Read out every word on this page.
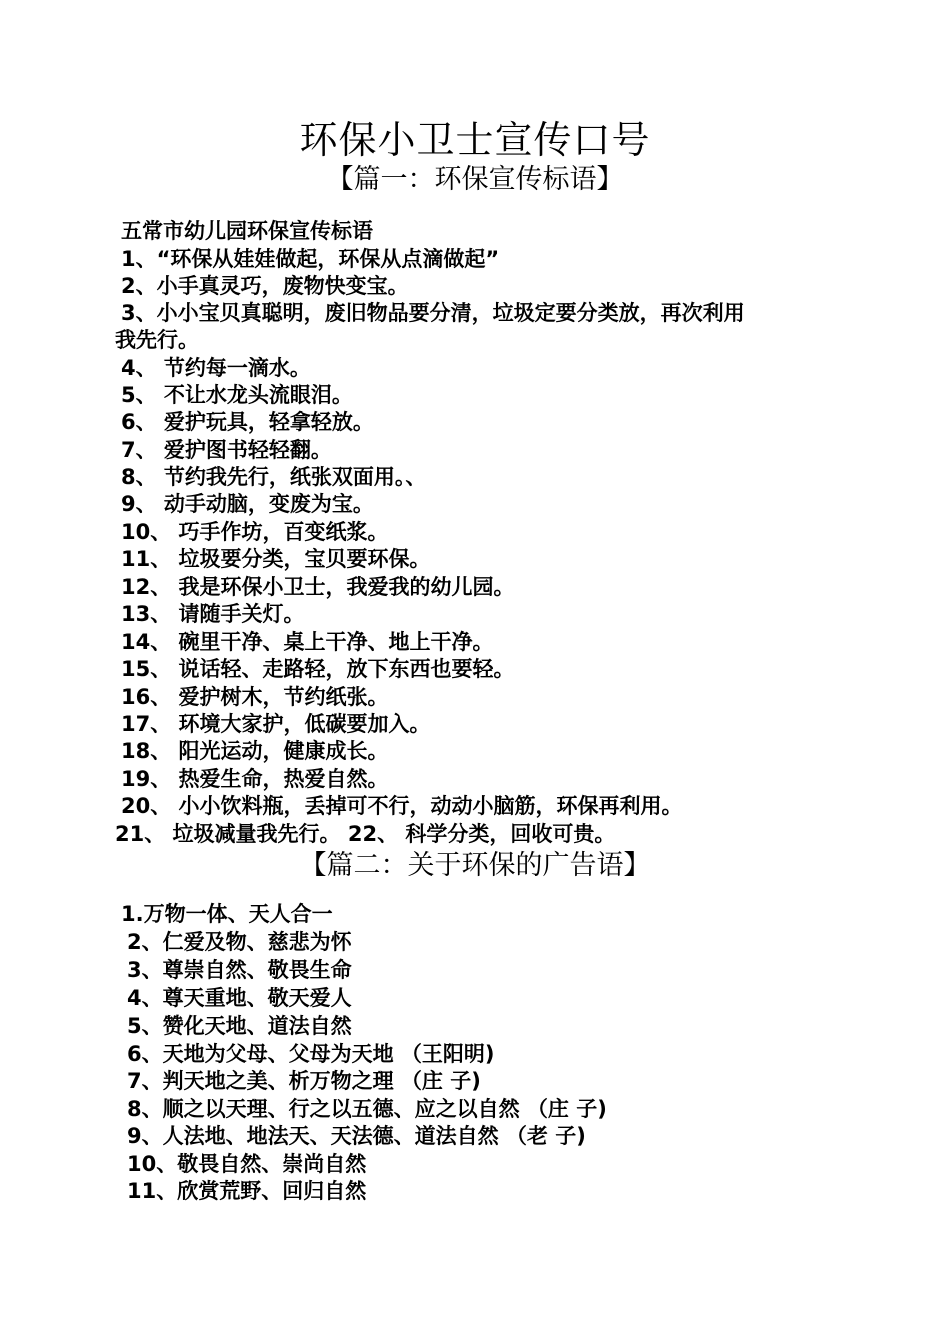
环保小卫士宣传口号
【篇一：环保宣传标语】
五常市幼儿园环保宣传标语
1、“环保从娃娃做起，环保从点滴做起”
2、小手真灵巧，废物快变宝。
3、小小宝贝真聪明，废旧物品要分清，垃圾定要分类放，再次利用
我先行。
4、 节约每一滴水。
5、 不让水龙头流眼泪。
6、 爱护玩具，轻拿轻放。
7、 爱护图书轻轻翻。
8、 节约我先行，纸张双面用。、
9、 动手动脑，变废为宝。
10、 巧手作坊，百变纸浆。
11、 垃圾要分类，宝贝要环保。
12、 我是环保小卫士，我爱我的幼儿园。
13、 请随手关灯。
14、 碗里干净、桌上干净、地上干净。
15、 说话轻、走路轻，放下东西也要轻。
16、 爱护树木，节约纸张。
17、 环境大家护，低碳要加入。
18、 阳光运动，健康成长。
19、 热爱生命，热爱自然。
20、 小小饮料瓶，丢掉可不行，动动小脑筋，环保再利用。
21、 垃圾减量我先行。 22、 科学分类，回收可贵。
【篇二：关于环保的广告语】
1.万物一体、天人合一
2、仁爱及物、慈悲为怀
3、尊崇自然、敬畏生命
4、尊天重地、敬天爱人
5、赞化天地、道法自然
6、天地为父母、父母为天地 （王阳明)
7、判天地之美、析万物之理 （庄 子)
8、顺之以天理、行之以五德、应之以自然 （庄 子)
9、人法地、地法天、天法德、道法自然 （老 子)
10、敬畏自然、崇尚自然
11、欣赏荒野、回归自然
